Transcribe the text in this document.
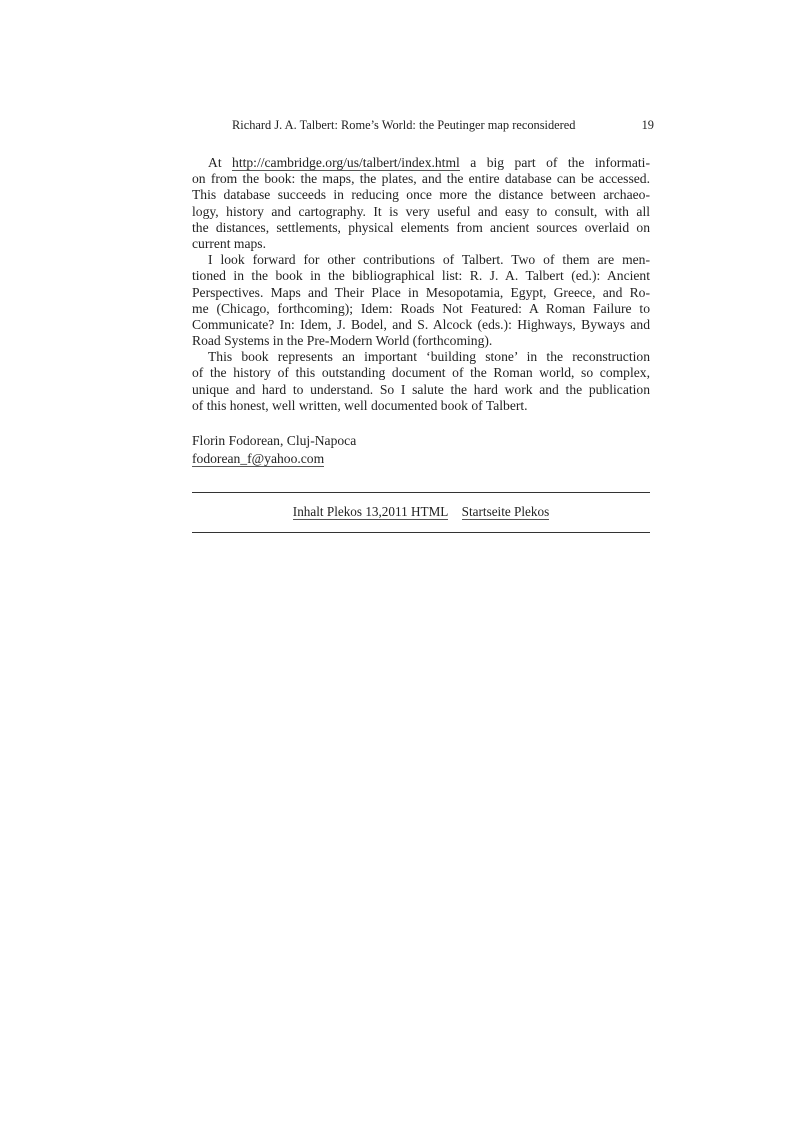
Richard J. A. Talbert: Rome’s World: the Peutinger map reconsidered	19
At http://cambridge.org/us/talbert/index.html a big part of the informati-
on from the book: the maps, the plates, and the entire database can be accessed.
This database succeeds in reducing once more the distance between archaeo-
logy, history and cartography. It is very useful and easy to consult, with all
the distances, settlements, physical elements from ancient sources overlaid on
current maps.
I look forward for other contributions of Talbert. Two of them are men-
tioned in the book in the bibliographical list: R. J. A. Talbert (ed.): Ancient
Perspectives. Maps and Their Place in Mesopotamia, Egypt, Greece, and Ro-
me (Chicago, forthcoming); Idem: Roads Not Featured: A Roman Failure to
Communicate? In: Idem, J. Bodel, and S. Alcock (eds.): Highways, Byways and
Road Systems in the Pre-Modern World (forthcoming).
This book represents an important ‘building stone’ in the reconstruction
of the history of this outstanding document of the Roman world, so complex,
unique and hard to understand. So I salute the hard work and the publication
of this honest, well written, well documented book of Talbert.
Florin Fodorean, Cluj-Napoca
fodorean_f@yahoo.com
Inhalt Plekos 13,2011 HTML Startseite Plekos
